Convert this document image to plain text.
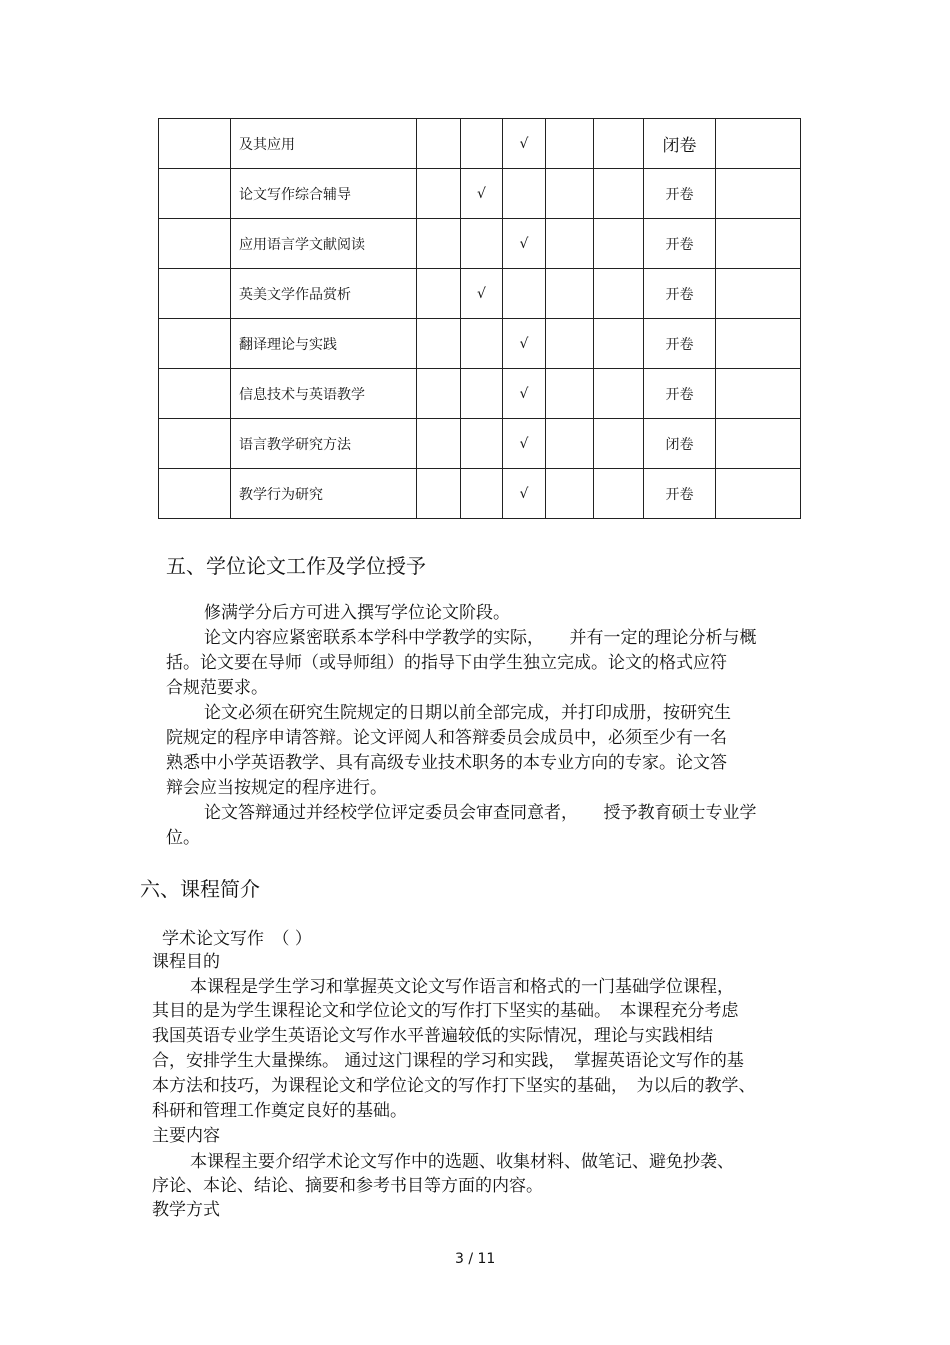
	及其应用			√			闭卷	
	论文写作综合辅导		√				开卷	
	应用语言学文献阅读			√			开卷	
	英美文学作品赏析		√				开卷	
	翻译理论与实践			√			开卷	
	信息技术与英语教学			√			开卷	
	语言教学研究方法			√			闭卷	
	教学行为研究			√			开卷	
五、学位论文工作及学位授予
修满学分后方可进入撰写学位论文阶段。
论文内容应紧密联系本学科中学教学的实际，　　并有一定的理论分析与概
括。论文要在导师（或导师组）的指导下由学生独立完成。论文的格式应符
合规范要求。
论文必须在研究生院规定的日期以前全部完成，并打印成册，按研究生
院规定的程序申请答辩。论文评阅人和答辩委员会成员中，必须至少有一名
熟悉中小学英语教学、具有高级专业技术职务的本专业方向的专家。论文答
辩会应当按规定的程序进行。
论文答辩通过并经校学位评定委员会审查同意者，　　授予教育硕士专业学
位。
六、课程简介
学术论文写作　（ ）
课程目的
本课程是学生学习和掌握英文论文写作语言和格式的一门基础学位课程，
其目的是为学生课程论文和学位论文的写作打下坚实的基础。　本课程充分考虑
我国英语专业学生英语论文写作水平普遍较低的实际情况，理论与实践相结
合，安排学生大量操练。 通过这门课程的学习和实践，　掌握英语论文写作的基
本方法和技巧，为课程论文和学位论文的写作打下坚实的基础，　为以后的教学、
科研和管理工作奠定良好的基础。
主要内容
本课程主要介绍学术论文写作中的选题、收集材料、做笔记、避免抄袭、
序论、本论、结论、摘要和参考书目等方面的内容。
教学方式
3 / 11
